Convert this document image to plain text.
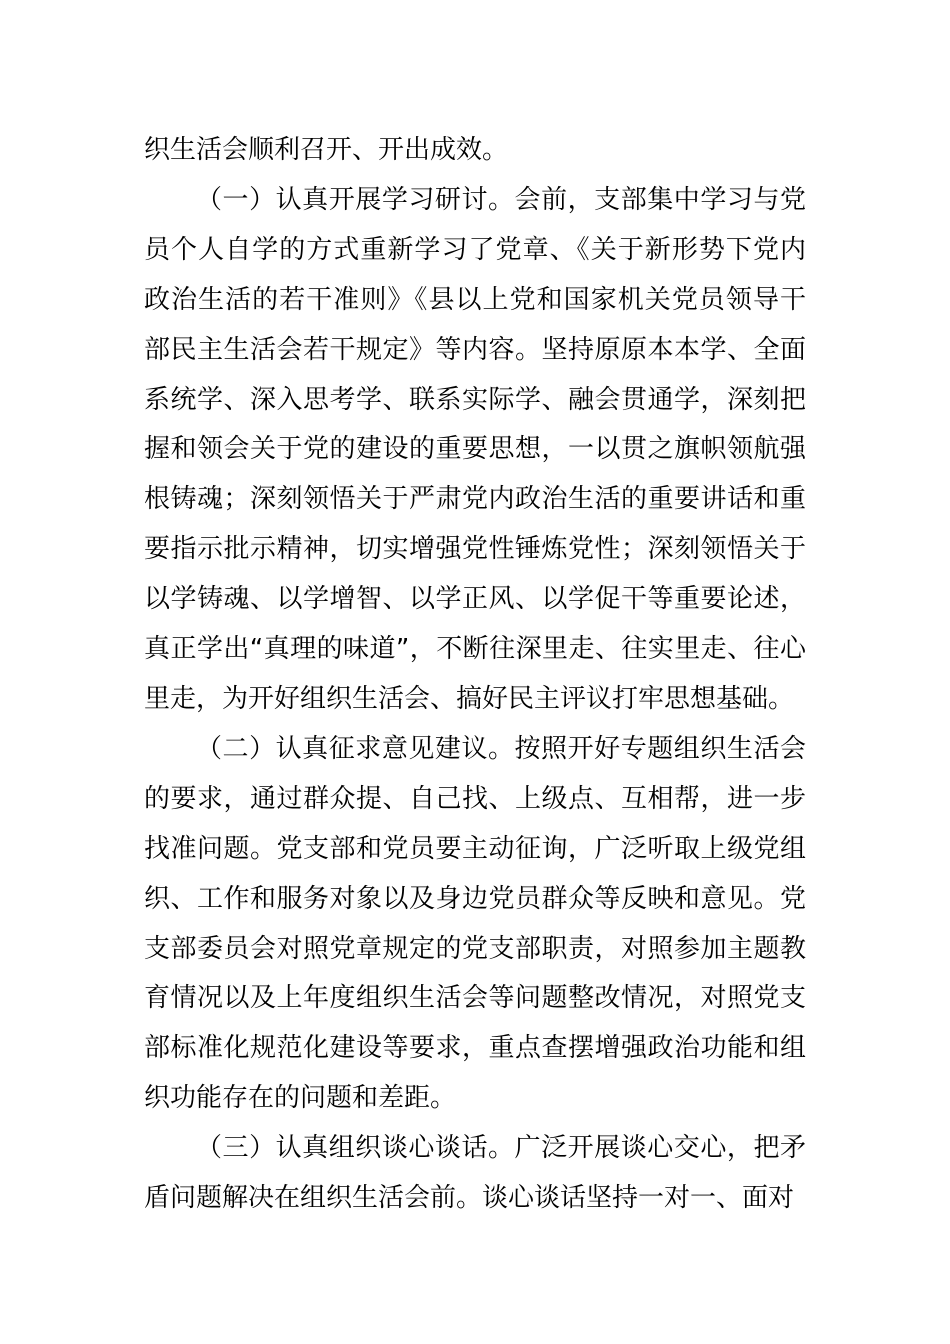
织生活会顺利召开、开出成效。

（一）认真开展学习研讨。会前，支部集中学习与党员个人自学的方式重新学习了党章、《关于新形势下党内政治生活的若干准则》《县以上党和国家机关党员领导干部民主生活会若干规定》等内容。坚持原原本本学、全面系统学、深入思考学、联系实际学、融会贯通学，深刻把握和领会关于党的建设的重要思想，一以贯之旗帜领航强根铸魂；深刻领悟关于严肃党内政治生活的重要讲话和重要指示批示精神，切实增强党性锤炼党性；深刻领悟关于以学铸魂、以学增智、以学正风、以学促干等重要论述，真正学出“真理的味道”，不断往深里走、往实里走、往心里走，为开好组织生活会、搞好民主评议打牢思想基础。

（二）认真征求意见建议。按照开好专题组织生活会的要求，通过群众提、自己找、上级点、互相帮，进一步找准问题。党支部和党员要主动征询，广泛听取上级党组织、工作和服务对象以及身边党员群众等反映和意见。党支部委员会对照党章规定的党支部职责，对照参加主题教育情况以及上年度组织生活会等问题整改情况，对照党支部标准化规范化建设等要求，重点查摆增强政治功能和组织功能存在的问题和差距。

（三）认真组织谈心谈话。广泛开展谈心交心，把矛盾问题解决在组织生活会前。谈心谈话坚持一对一、面对
